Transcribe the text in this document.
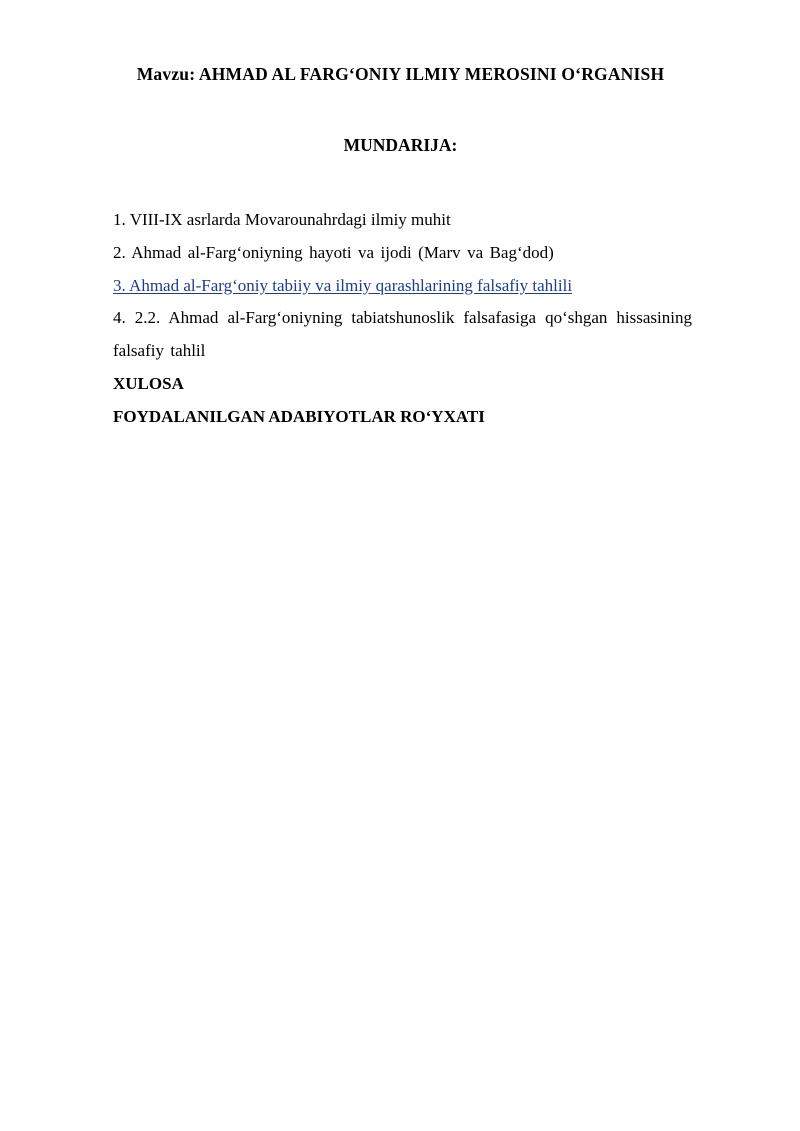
Mavzu: AHMAD AL FARG‘ONIY ILMIY MEROSINI O‘RGANISH
MUNDARIJA:

1. VIII-IX asrlarda Movarounahrdagi ilmiy muhit

2. Ahmad al-Farg‘oniyning hayoti va ijodi (Marv va Bag‘dod)

3. Ahmad al-Farg‘oniy tabiiy va ilmiy qarashlarining falsafiy tahlili

4. 2.2. Ahmad al-Farg‘oniyning tabiatshunoslik falsafasiga qo‘shgan hissasining falsafiy tahlil

XULOSA

FOYDALANILGAN ADABIYOTLAR RO‘YXATI
